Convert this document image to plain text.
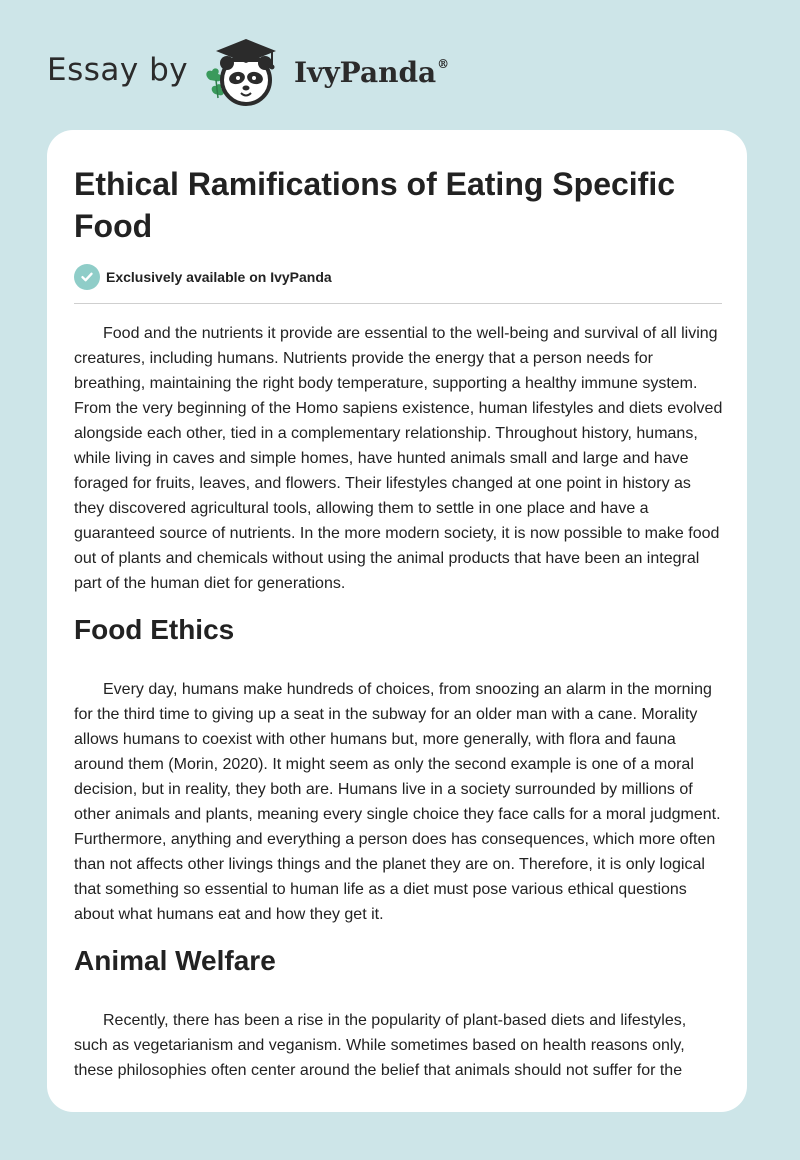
Essay by	IvyPanda®
Ethical Ramifications of Eating Specific Food
Exclusively available on IvyPanda

Food and the nutrients it provide are essential to the well-being and survival of all living creatures, including humans. Nutrients provide the energy that a person needs for breathing, maintaining the right body temperature, supporting a healthy immune system. From the very beginning of the Homo sapiens existence, human lifestyles and diets evolved alongside each other, tied in a complementary relationship. Throughout history, humans, while living in caves and simple homes, have hunted animals small and large and have foraged for fruits, leaves, and flowers. Their lifestyles changed at one point in history as they discovered agricultural tools, allowing them to settle in one place and have a guaranteed source of nutrients. In the more modern society, it is now possible to make food out of plants and chemicals without using the animal products that have been an integral part of the human diet for generations.

Food Ethics

Every day, humans make hundreds of choices, from snoozing an alarm in the morning for the third time to giving up a seat in the subway for an older man with a cane. Morality allows humans to coexist with other humans but, more generally, with flora and fauna around them (Morin, 2020). It might seem as only the second example is one of a moral decision, but in reality, they both are. Humans live in a society surrounded by millions of other animals and plants, meaning every single choice they face calls for a moral judgment. Furthermore, anything and everything a person does has consequences, which more often than not affects other livings things and the planet they are on. Therefore, it is only logical that something so essential to human life as a diet must pose various ethical questions about what humans eat and how they get it.

Animal Welfare

Recently, there has been a rise in the popularity of plant-based diets and lifestyles, such as vegetarianism and veganism. While sometimes based on health reasons only, these philosophies often center around the belief that animals should not suffer for the
